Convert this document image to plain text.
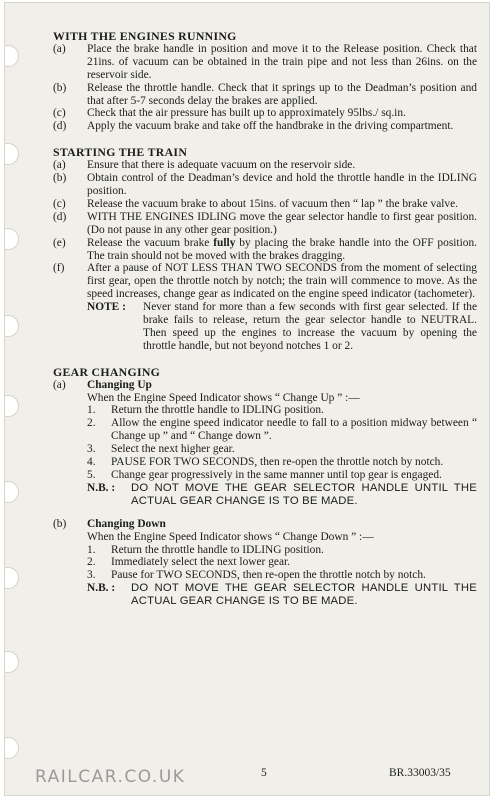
WITH THE ENGINES RUNNING
(a)	Place the brake handle in position and move it to the Release position. Check that 21ins. of vacuum can be obtained in the train pipe and not less than 26ins. on the reservoir side.
(b)	Release the throttle handle. Check that it springs up to the Deadman’s position and that after 5-7 seconds delay the brakes are applied.
(c)	Check that the air pressure has built up to approximately 95lbs./ sq.in.
(d)	Apply the vacuum brake and take off the handbrake in the driving compartment.
STARTING THE TRAIN
(a)	Ensure that there is adequate vacuum on the reservoir side.
(b)	Obtain control of the Deadman’s device and hold the throttle handle in the IDLING position.
(c)	Release the vacuum brake to about 15ins. of vacuum then “ lap ” the brake valve.
(d)	WITH THE ENGINES IDLING move the gear selector handle to first gear position. (Do not pause in any other gear position.)
(e)	Release the vacuum brake fully by placing the brake handle into the OFF position. The train should not be moved with the brakes dragging.
(f)	After a pause of NOT LESS THAN TWO SECONDS from the moment of selecting first gear, open the throttle notch by notch; the train will commence to move. As the speed increases, change gear as indicated on the engine speed indicator (tachometer).
NOTE :	Never stand for more than a few seconds with first gear selected. If the brake fails to release, return the gear selector handle to NEUTRAL. Then speed up the engines to increase the vacuum by opening the throttle handle, but not beyond notches 1 or 2.
GEAR CHANGING
(a)	Changing Up
When the Engine Speed Indicator shows “ Change Up ” :—
1.	Return the throttle handle to IDLING position.
2.	Allow the engine speed indicator needle to fall to a position midway between “ Change up ” and “ Change down ”.
3.	Select the next higher gear.
4.	PAUSE FOR TWO SECONDS, then re-open the throttle notch by notch.
5.	Change gear progressively in the same manner until top gear is engaged.
N.B. :	DO NOT MOVE THE GEAR SELECTOR HANDLE UNTIL THE ACTUAL GEAR CHANGE IS TO BE MADE.
(b)	Changing Down
When the Engine Speed Indicator shows “ Change Down ” :—
1.	Return the throttle handle to IDLING position.
2.	Immediately select the next lower gear.
3.	Pause for TWO SECONDS, then re-open the throttle notch by notch.
N.B. :	DO NOT MOVE THE GEAR SELECTOR HANDLE UNTIL THE ACTUAL GEAR CHANGE IS TO BE MADE.
RAILCAR.CO.UK	5	BR.33003/35
